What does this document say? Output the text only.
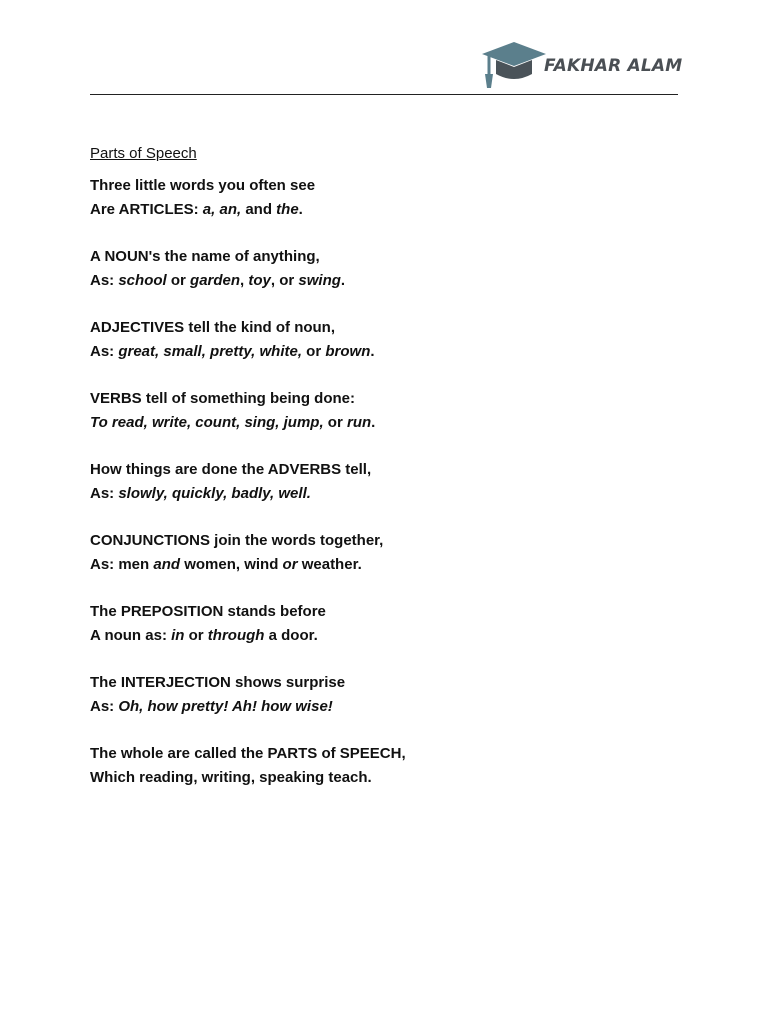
FAKHAR ALAM
Parts of Speech
Three little words you often see
Are ARTICLES: a, an, and the.
A NOUN's the name of anything,
As: school or garden, toy, or swing.
ADJECTIVES tell the kind of noun,
As: great, small, pretty, white, or brown.
VERBS tell of something being done:
To read, write, count, sing, jump, or run.
How things are done the ADVERBS tell,
As: slowly, quickly, badly, well.
CONJUNCTIONS join the words together,
As: men and women, wind or weather.
The PREPOSITION stands before
A noun as: in or through a door.
The INTERJECTION shows surprise
As: Oh, how pretty! Ah! how wise!
The whole are called the PARTS of SPEECH,
Which reading, writing, speaking teach.
